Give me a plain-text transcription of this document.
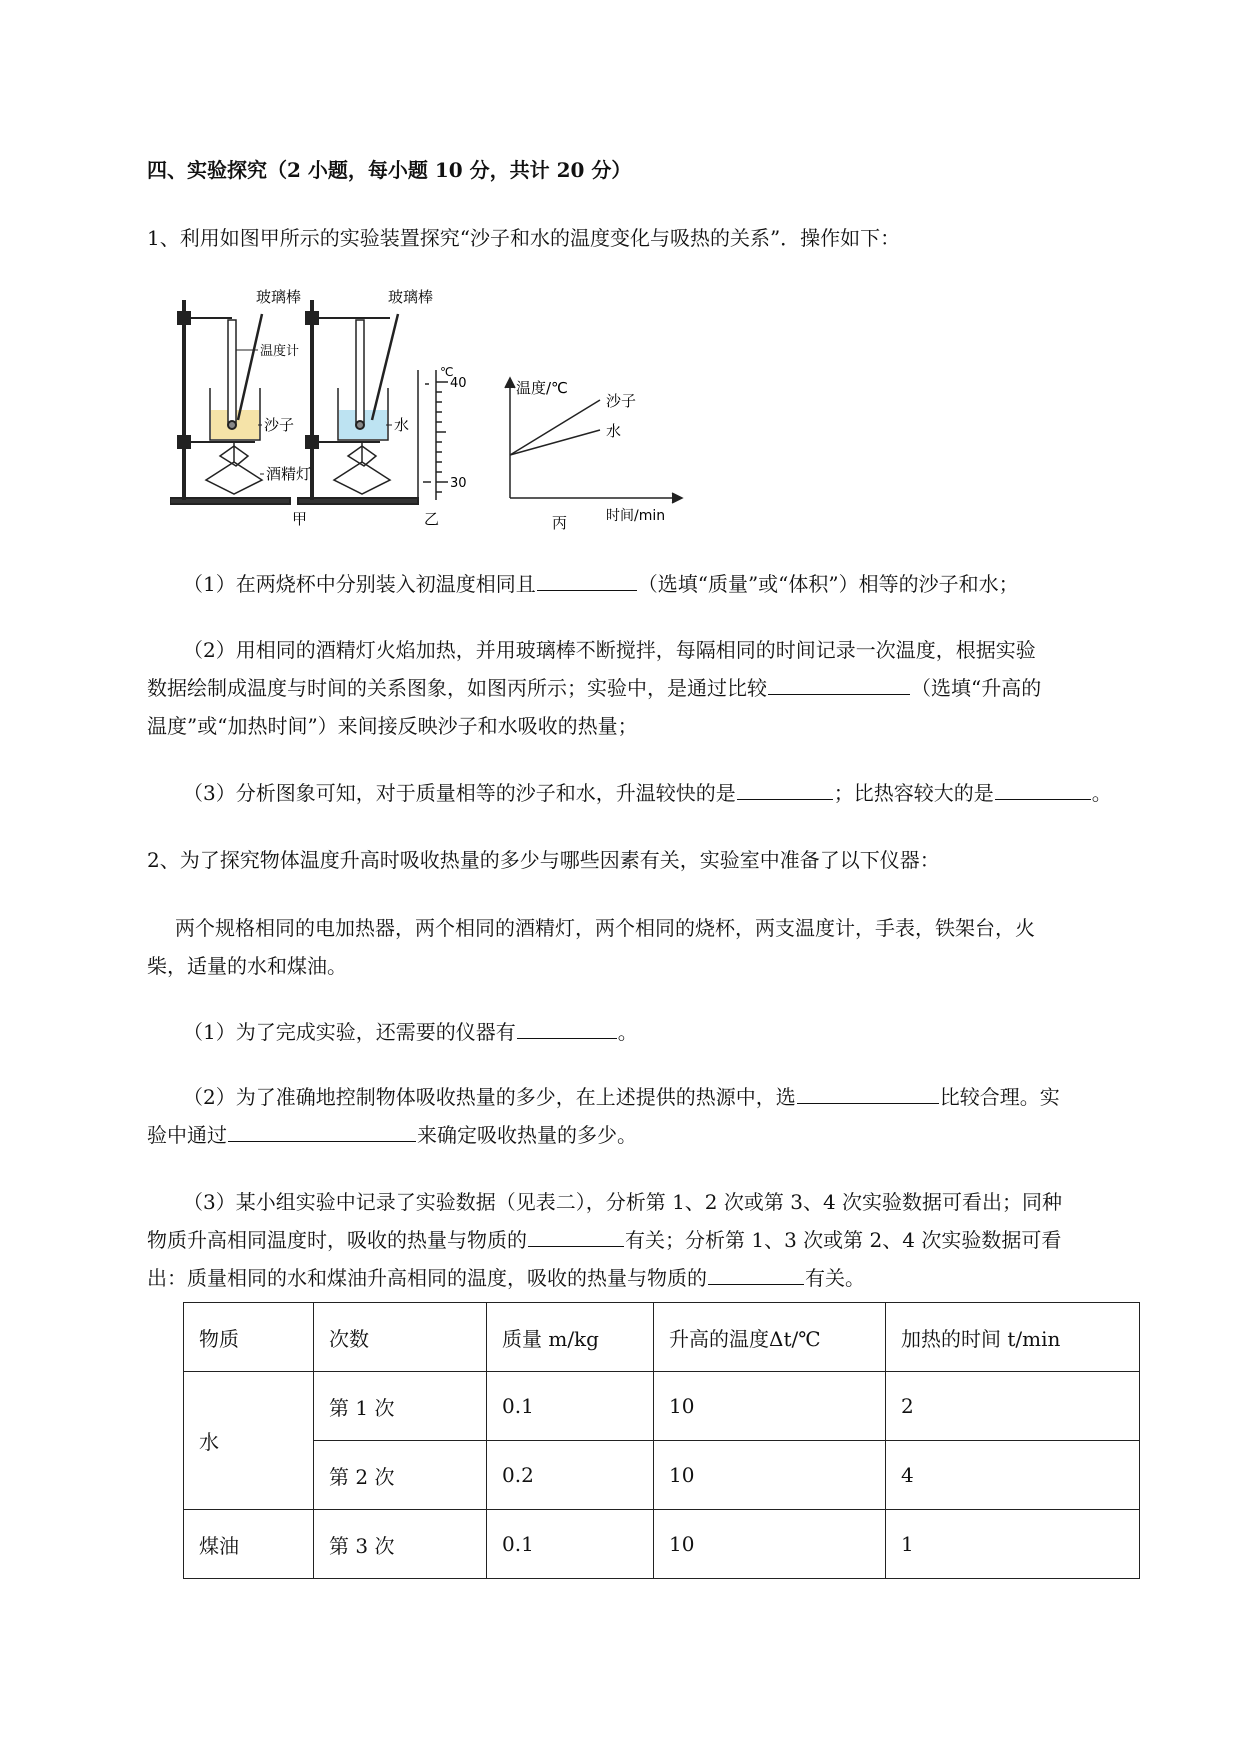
四、实验探究（2 小题，每小题 10 分，共计 20 分）
1、利用如图甲所示的实验装置探究“沙子和水的温度变化与吸热的关系”．操作如下：
玻璃棒	玻璃棒
温度计
沙子	水
酒精灯
甲
℃
40
30
乙
温度/℃
沙子
水
时间/min
丙
（1）在两烧杯中分别装入初温度相同且	（选填“质量”或“体积”）相等的沙子和水；
（2）用相同的酒精灯火焰加热，并用玻璃棒不断搅拌，每隔相同的时间记录一次温度，根据实验
数据绘制成温度与时间的关系图象，如图丙所示；实验中，是通过比较	（选填“升高的
温度”或“加热时间”）来间接反映沙子和水吸收的热量；
（3）分析图象可知，对于质量相等的沙子和水，升温较快的是	；比热容较大的是	。
2、为了探究物体温度升高时吸收热量的多少与哪些因素有关，实验室中准备了以下仪器：
两个规格相同的电加热器，两个相同的酒精灯，两个相同的烧杯，两支温度计，手表，铁架台，火
柴，适量的水和煤油。
（1）为了完成实验，还需要的仪器有	。
（2）为了准确地控制物体吸收热量的多少，在上述提供的热源中，选	比较合理。实
验中通过	来确定吸收热量的多少。
（3）某小组实验中记录了实验数据（见表二），分析第 1、2 次或第 3、4 次实验数据可看出；同种
物质升高相同温度时，吸收的热量与物质的	有关；分析第 1、3 次或第 2、4 次实验数据可看
出：质量相同的水和煤油升高相同的温度，吸收的热量与物质的	有关。
物质	次数	质量 m/kg	升高的温度Δt/℃	加热的时间 t/min
水	第 1 次	0.1	10	2
	第 2 次	0.2	10	4
煤油	第 3 次	0.1	10	1
